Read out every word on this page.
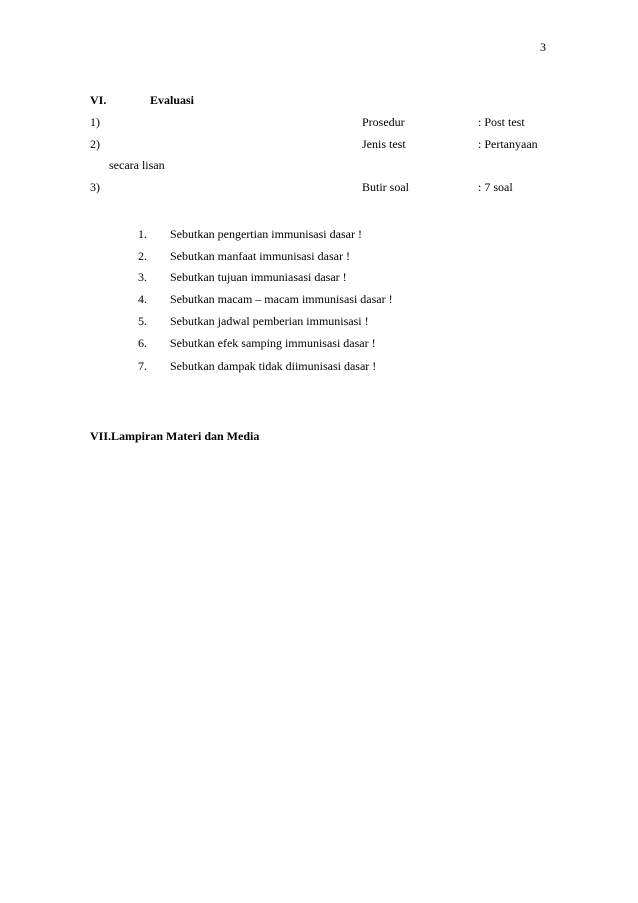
3
VI.	Evaluasi
1)	Prosedur	: Post test
2)	Jenis test	: Pertanyaan
secara lisan
3)	Butir soal	: 7 soal
1. Sebutkan pengertian immunisasi dasar !
2. Sebutkan manfaat immunisasi dasar !
3. Sebutkan tujuan immuniasasi dasar !
4. Sebutkan macam – macam immunisasi dasar !
5. Sebutkan jadwal pemberian immunisasi !
6. Sebutkan efek samping immunisasi dasar !
7. Sebutkan dampak tidak diimunisasi dasar !
VII.Lampiran Materi dan Media
